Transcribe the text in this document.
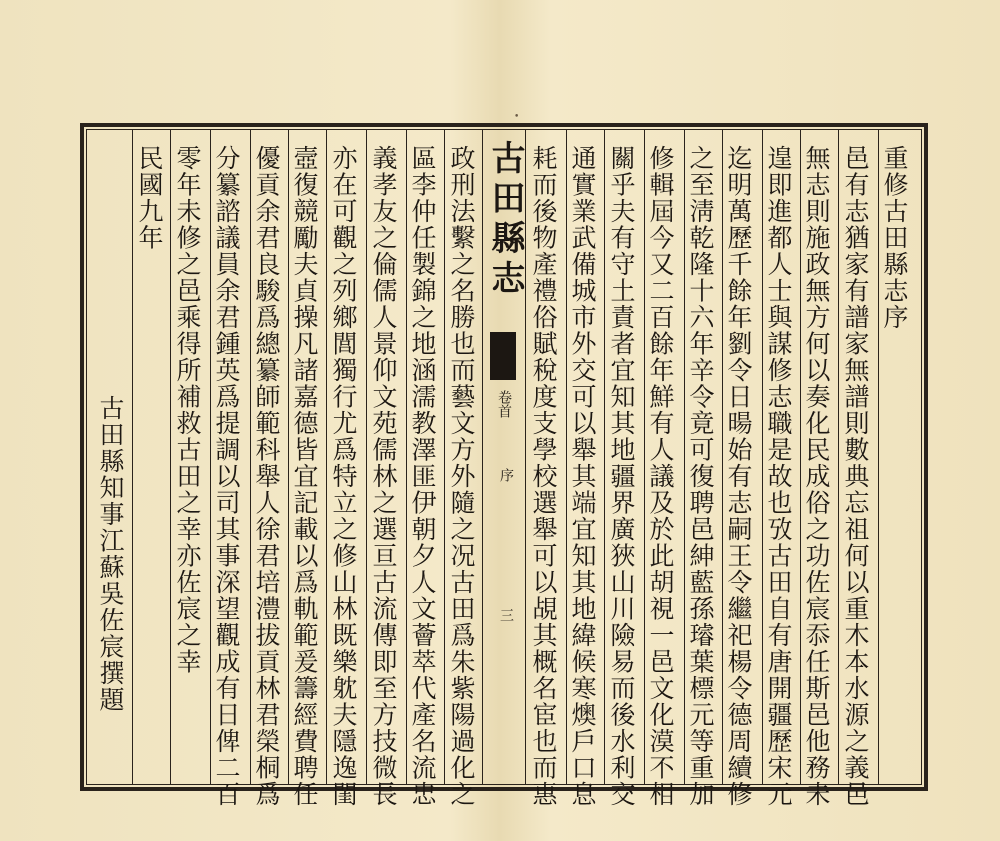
•
重修古田縣志序
邑有志猶家有譜家無譜則數典忘祖何以重木本水源之義邑
無志則施政無方何以奏化民成俗之功佐宸忝任斯邑他務未
遑即進都人士與謀修志職是故也攷古田自有唐開疆歷宋元
迄明萬歷千餘年劉令日暘始有志嗣王令繼祀楊令德周續修
之至淸乾隆十六年辛令竟可復聘邑紳藍孫璿葉標元等重加
修輯屆今又二百餘年鮮有人議及於此胡視一邑文化漠不相
關乎夫有守土責者宜知其地疆界廣狹山川險易而後水利交
通實業武備城市外交可以舉其端宜知其地緯候寒燠戶口息
耗而後物產禮俗賦稅度支學校選舉可以覘其概名宦也而惠
古田縣志
卷首
序
三
政刑法繫之名勝也而藝文方外隨之况古田爲朱紫陽過化之
區李仲任製錦之地涵濡教澤匪伊朝夕人文薈萃代產名流忠
義孝友之倫儒人景仰文苑儒林之選亘古流傳即至方技微長
亦在可觀之列鄉閭獨行尤爲特立之修山林既樂躭夫隱逸閨
壼復競勵夫貞操凡諸嘉德皆宜記載以爲軌範爰籌經費聘任
優貢余君良駿爲總纂師範科舉人徐君培澧拔貢林君榮桐爲
分纂諮議員余君鍾英爲提調以司其事深望觀成有日俾二百
零年未修之邑乘得所補救古田之幸亦佐宸之幸
民國九年
古田縣知事江蘇吳佐宸撰題
